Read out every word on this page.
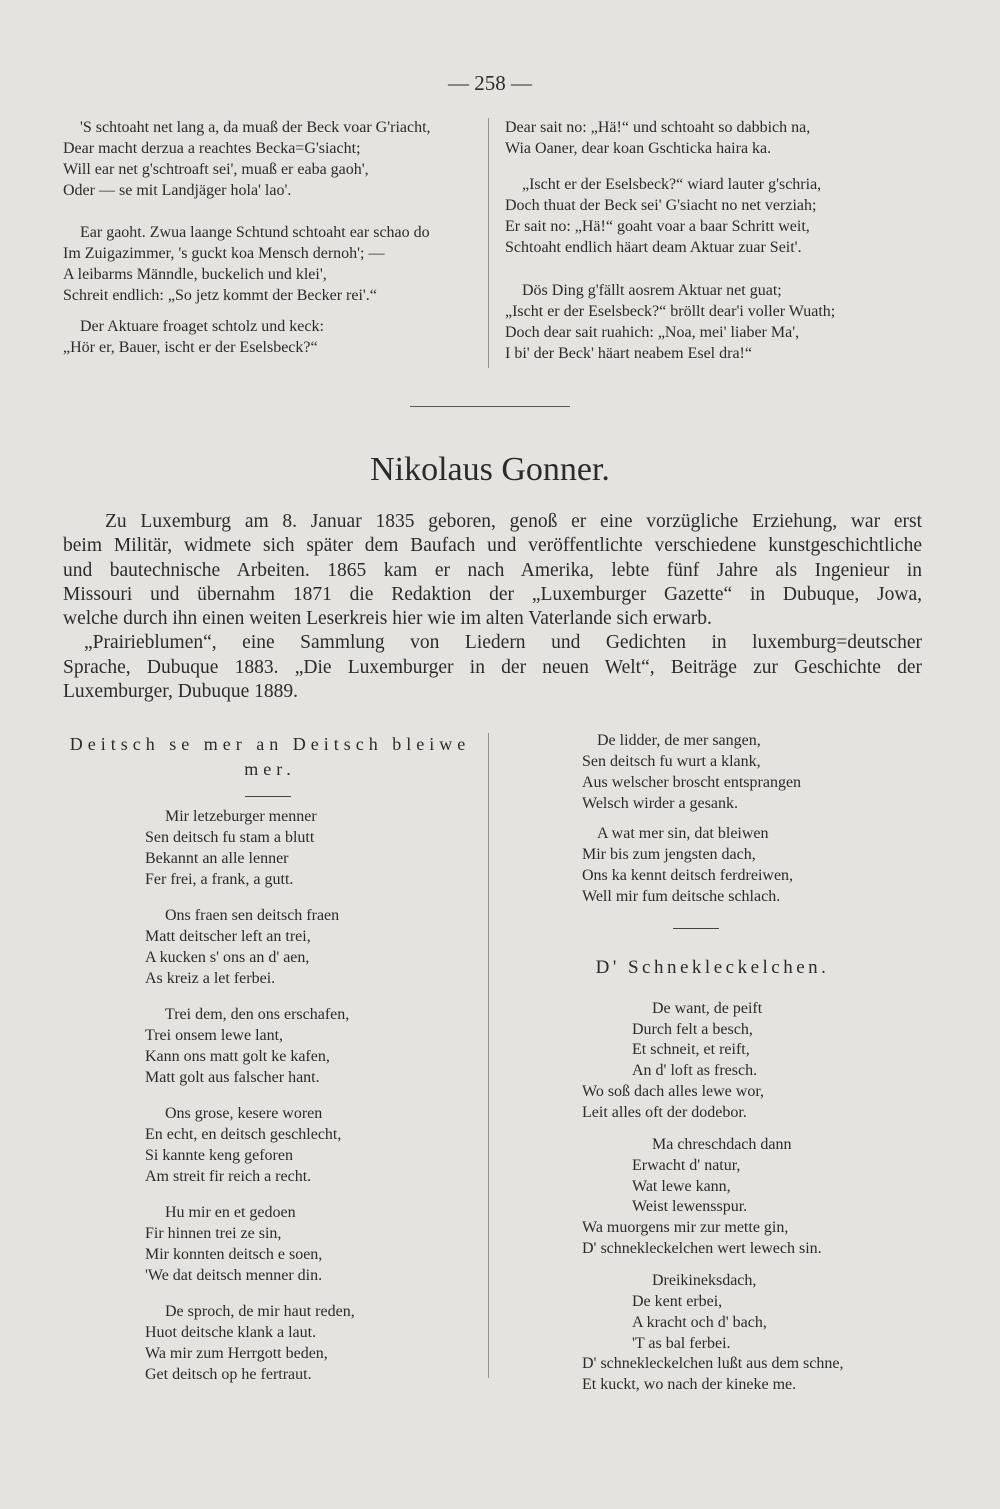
— 258 —
'S schtoaht net lang a, da muaß der Beck voar G'riacht,
Dear macht derzua a reachtes Becka=G'siacht;
Will ear net g'schtroaft sei', muaß er eaba gaoh',
Oder — se mit Landjäger hola' lao'.
Ear gaoht. Zwua laange Schtund schtoaht ear schao do
Im Zuigazimmer, 's guckt koa Mensch dernoh'; —
A leibarms Männdle, buckelich und klei',
Schreit endlich: „So jetz kommt der Becker rei'.“
Der Aktuare froaget schtolz und keck:
„Hör er, Bauer, ischt er der Eselsbeck?“
Dear sait no: „Hä!“ und schtoaht so dabbich na,
Wia Oaner, dear koan Gschticka haira ka.
„Ischt er der Eselsbeck?“ wiard lauter g'schria,
Doch thuat der Beck sei' G'siacht no net verziah;
Er sait no: „Hä!“ goaht voar a baar Schritt weit,
Schtoaht endlich häart deam Aktuar zuar Seit'.
Dös Ding g'fällt aosrem Aktuar net guat;
„Ischt er der Eselsbeck?“ bröllt dear'i voller Wuath;
Doch dear sait ruahich: „Noa, mei' liaber Ma',
I bi' der Beck' häart neabem Esel dra!“
Nikolaus Gonner.
Zu Luxemburg am 8. Januar 1835 geboren, genoß er eine vorzügliche Erziehung, war erst
beim Militär, widmete sich später dem Baufach und veröffentlichte verschiedene kunstgeschichtliche
und bautechnische Arbeiten. 1865 kam er nach Amerika, lebte fünf Jahre als Ingenieur in
Missouri und übernahm 1871 die Redaktion der „Luxemburger Gazette“ in Dubuque, Jowa,
welche durch ihn einen weiten Leserkreis hier wie im alten Vaterlande sich erwarb.
„Prairieblumen“, eine Sammlung von Liedern und Gedichten in luxemburg=deutscher
Sprache, Dubuque 1883. „Die Luxemburger in der neuen Welt“, Beiträge zur Geschichte der
Luxemburger, Dubuque 1889.
Deitsch se mer an Deitsch bleiwe
mer.
Mir letzeburger menner
Sen deitsch fu stam a blutt
Bekannt an alle lenner
Fer frei, a frank, a gutt.
Ons fraen sen deitsch fraen
Matt deitscher left an trei,
A kucken s' ons an d' aen,
As kreiz a let ferbei.
Trei dem, den ons erschafen,
Trei onsem lewe lant,
Kann ons matt golt ke kafen,
Matt golt aus falscher hant.
Ons grose, kesere woren
En echt, en deitsch geschlecht,
Si kannte keng geforen
Am streit fir reich a recht.
Hu mir en et gedoen
Fir hinnen trei ze sin,
Mir konnten deitsch e soen,
'We dat deitsch menner din.
De sproch, de mir haut reden,
Huot deitsche klank a laut.
Wa mir zum Herrgott beden,
Get deitsch op he fertraut.
De lidder, de mer sangen,
Sen deitsch fu wurt a klank,
Aus welscher broscht entsprangen
Welsch wirder a gesank.
A wat mer sin, dat bleiwen
Mir bis zum jengsten dach,
Ons ka kennt deitsch ferdreiwen,
Well mir fum deitsche schlach.
D' Schnekleckelchen.
De want, de peift
Durch felt a besch,
Et schneit, et reift,
An d' loft as fresch.
Wo soß dach alles lewe wor,
Leit alles oft der dodebor.
Ma chreschdach dann
Erwacht d' natur,
Wat lewe kann,
Weist lewensspur.
Wa muorgens mir zur mette gin,
D' schnekleckelchen wert lewech sin.
Dreikineksdach,
De kent erbei,
A kracht och d' bach,
'T as bal ferbei.
D' schnekleckelchen lußt aus dem schne,
Et kuckt, wo nach der kineke me.
